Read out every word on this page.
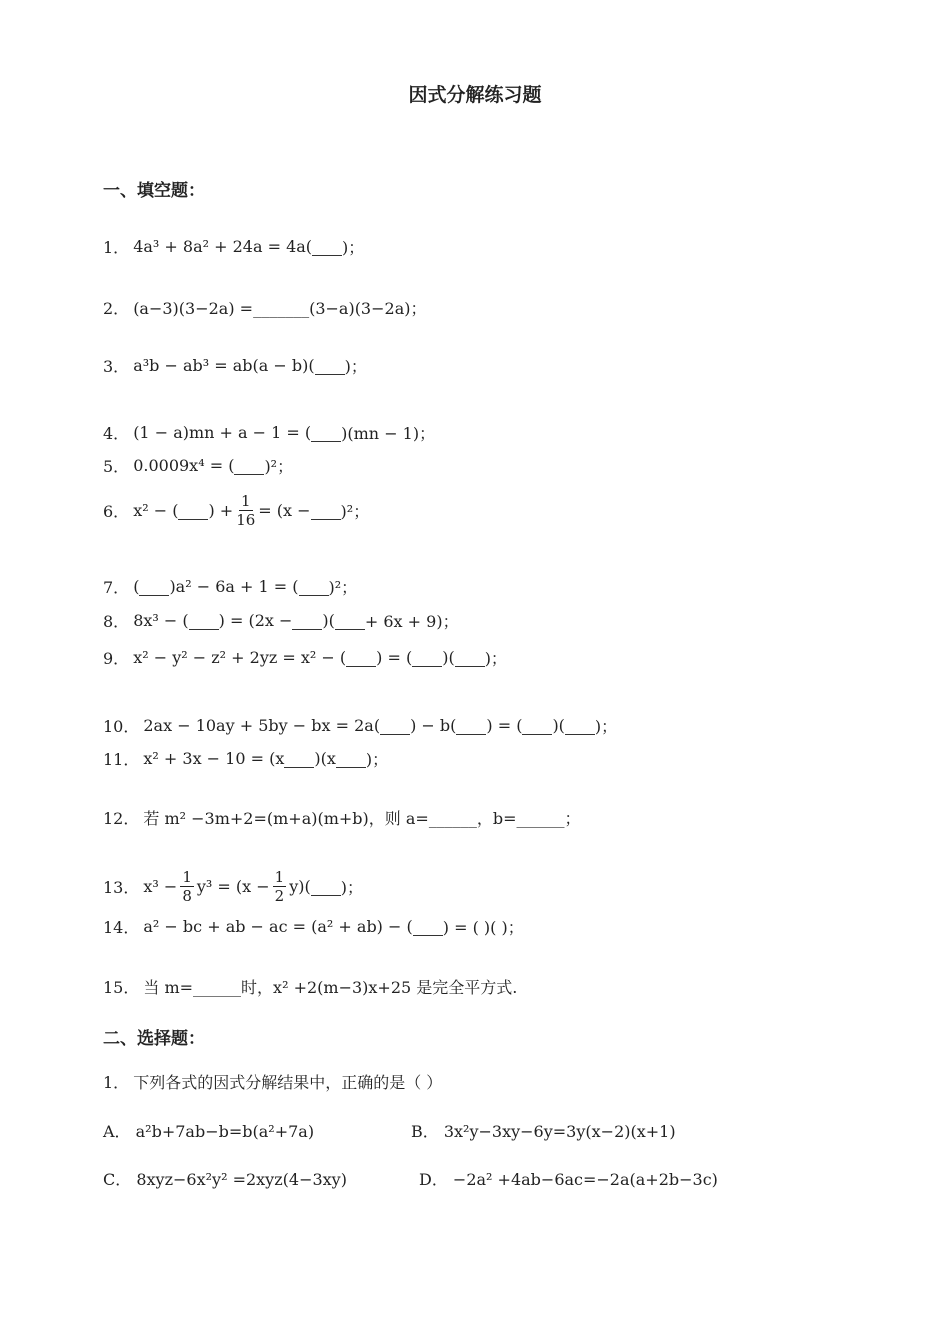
因式分解练习题
一、填空题：
1． 4a³ + 8a² + 24a = 4a(
)；
2． (a−3)(3−2a) =_______(3−a)(3−2a)；
3． a³b − ab³ = ab(a − b)(
)；
4． (1 − a)mn + a − 1 = (
)(mn − 1)；
5． 0.0009x⁴ = (
)²；
6． x² − (
) + $\frac{1}{16} = (x$ −
)²；
7． (
)a² − 6a + 1 = (
)²；
8． 8x³ − (
) = (2x −
)(
+ 6x + 9)；
9． x² − y² − z² + 2yz = x² − (
) = (
)(
)；
10． 2ax − 10ay + 5by − bx = 2a(
) − b(
) = (
)(
)；
11． x² + 3x − 10 = (x
)(x
)；
12． 若 m² −3m+2=(m+a)(m+b)，则 a=______，b=______；
13． $x^3 - \frac{1}{8} y^3 = (x - \frac{1}{2} y)$(
)；
14． a² − bc + ab − ac = (a² + ab) − (
) = ( )( )；
15． 当 m=______时，x² +2(m−3)x+25 是完全平方式.
二、选择题：
1． 下列各式的因式分解结果中，正确的是（ ）
A． a²b+7ab−b=b(a²+7a)	B． 3x²y−3xy−6y=3y(x−2)(x+1)
C． 8xyz−6x²y² =2xyz(4−3xy)	D． −2a² +4ab−6ac=−2a(a+2b−3c)
